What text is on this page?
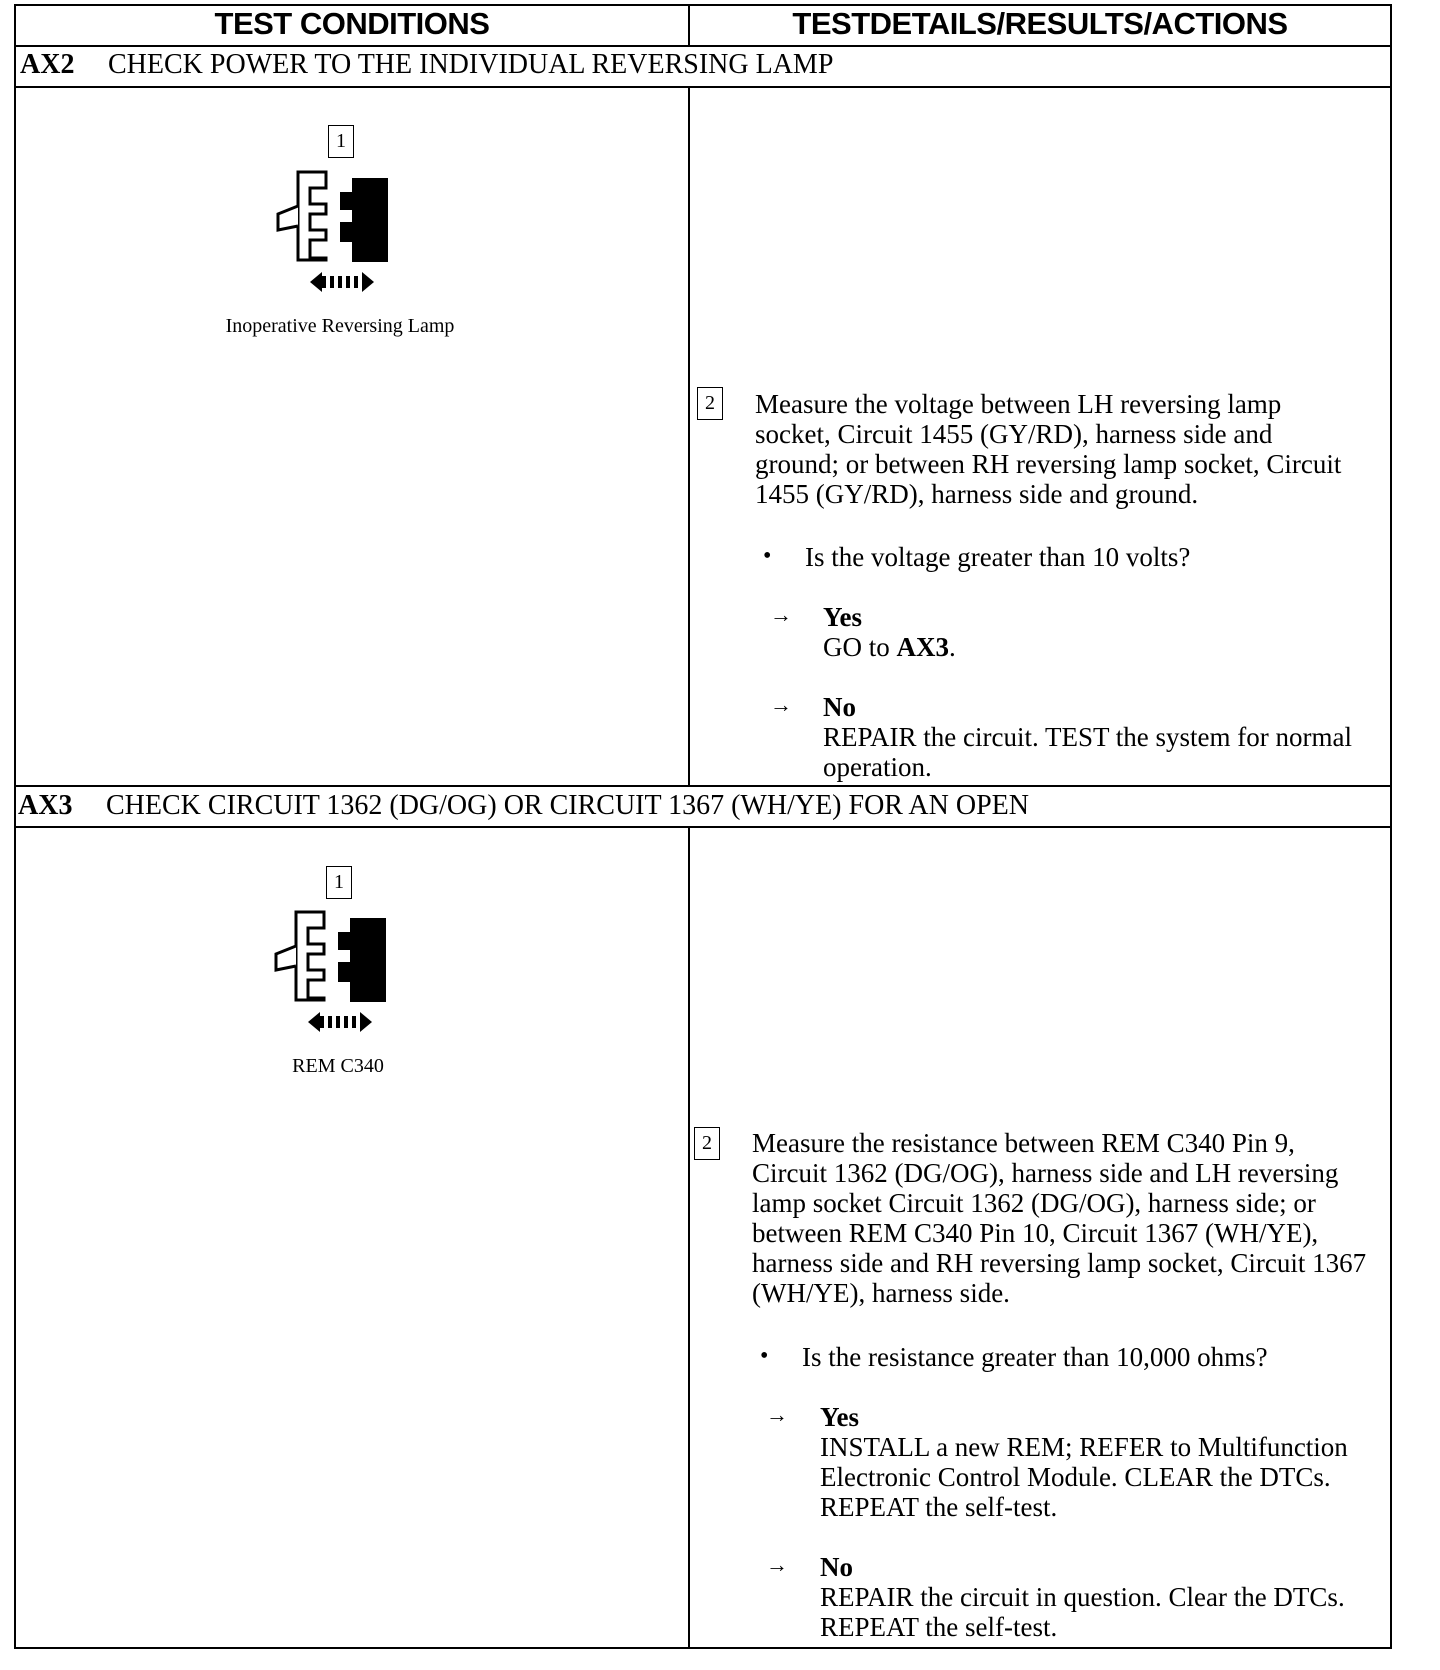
TEST CONDITIONS	TESTDETAILS/RESULTS/ACTIONS
AX2 CHECK POWER TO THE INDIVIDUAL REVERSING LAMP
1
Inoperative Reversing Lamp
2 Measure the voltage between LH reversing lamp socket, Circuit 1455 (GY/RD), harness side and ground; or between RH reversing lamp socket, Circuit 1455 (GY/RD), harness side and ground.
• Is the voltage greater than 10 volts?
→ Yes
GO to AX3.
→ No
REPAIR the circuit. TEST the system for normal operation.
AX3 CHECK CIRCUIT 1362 (DG/OG) OR CIRCUIT 1367 (WH/YE) FOR AN OPEN
1
REM C340
2 Measure the resistance between REM C340 Pin 9, Circuit 1362 (DG/OG), harness side and LH reversing lamp socket Circuit 1362 (DG/OG), harness side; or between REM C340 Pin 10, Circuit 1367 (WH/YE), harness side and RH reversing lamp socket, Circuit 1367 (WH/YE), harness side.
• Is the resistance greater than 10,000 ohms?
→ Yes
INSTALL a new REM; REFER to Multifunction Electronic Control Module. CLEAR the DTCs. REPEAT the self-test.
→ No
REPAIR the circuit in question. Clear the DTCs. REPEAT the self-test.
